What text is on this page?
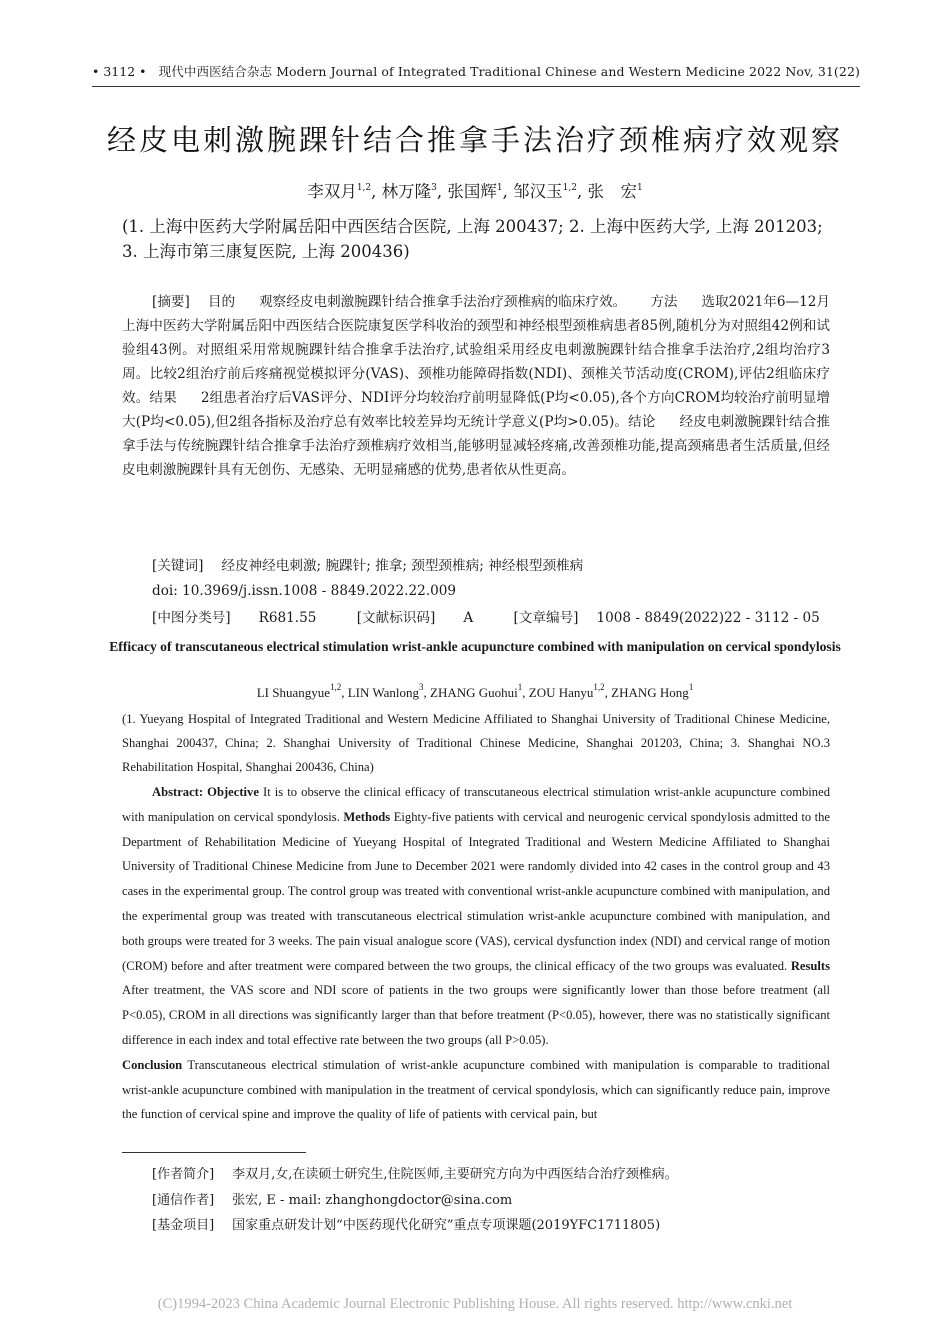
• 3112 • 现代中西医结合杂志 Modern Journal of Integrated Traditional Chinese and Western Medicine 2022 Nov, 31(22)
经皮电刺激腕踝针结合推拿手法治疗颈椎病疗效观察
李双月$^{1,2}$, 林万隆$^3$, 张国辉$^1$, 邹汉玉$^{1,2}$, 张　宏$^1$
(1. 上海中医药大学附属岳阳中西医结合医院, 上海 200437; 2. 上海中医药大学, 上海 201203; 3. 上海市第三康复医院, 上海 200436)
[ 摘要 ] 目的 观察经皮电刺激腕踝针结合推拿手法治疗颈椎病的临床疗效。 方法 选取2021年6—12月上海中医药大学附属岳阳中西医结合医院康复医学科收治的颈型和神经根型颈椎病患者85例,随机分为对照组42例和试验组43例。对照组采用常规腕踝针结合推拿手法治疗,试验组采用经皮电刺激腕踝针结合推拿手法治疗,2组均治疗3周。比较2组治疗前后疼痛视觉模拟评分(VAS)、颈椎功能障碍指数(NDI)、颈椎关节活动度(CROM),评估2组临床疗效。结果 2组患者治疗后VAS评分、NDI评分均较治疗前明显降低(P均<0.05),各个方向CROM均较治疗前明显增大(P均<0.05),但2组各指标及治疗总有效率比较差异均无统计学意义(P均>0.05)。结论 经皮电刺激腕踝针结合推拿手法与传统腕踝针结合推拿手法治疗颈椎病疗效相当,能够明显减轻疼痛,改善颈椎功能,提高颈痛患者生活质量,但经皮电刺激腕踝针具有无创伤、无感染、无明显痛感的优势,患者依从性更高。
[ 关键词 ] 经皮神经电刺激; 腕踝针; 推拿; 颈型颈椎病; 神经根型颈椎病
doi: 10.3969/j.issn.1008 - 8849.2022.22.009
[ 中图分类号 ] R681.55	[ 文献标识码 ] A	[ 文章编号 ] 1008 - 8849(2022)22 - 3112 - 05
Efficacy of transcutaneous electrical stimulation wrist-ankle acupuncture combined with manipulation on cervical spondylosis
LI Shuangyue$^{1,2}$, LIN Wanlong$^3$, ZHANG Guohui$^1$, ZOU Hanyu$^{1,2}$, ZHANG Hong$^1$
(1. Yueyang Hospital of Integrated Traditional and Western Medicine Affiliated to Shanghai University of Traditional Chinese Medicine, Shanghai 200437, China; 2. Shanghai University of Traditional Chinese Medicine, Shanghai 201203, China; 3. Shanghai NO.3 Rehabilitation Hospital, Shanghai 200436, China)
Abstract: Objective It is to observe the clinical efficacy of transcutaneous electrical stimulation wrist-ankle acupuncture combined with manipulation on cervical spondylosis. Methods Eighty-five patients with cervical and neurogenic cervical spondylosis admitted to the Department of Rehabilitation Medicine of Yueyang Hospital of Integrated Traditional and Western Medicine Affiliated to Shanghai University of Traditional Chinese Medicine from June to December 2021 were randomly divided into 42 cases in the control group and 43 cases in the experimental group. The control group was treated with conventional wrist-ankle acupuncture combined with manipulation, and the experimental group was treated with transcutaneous electrical stimulation wrist-ankle acupuncture combined with manipulation, and both groups were treated for 3 weeks. The pain visual analogue score (VAS), cervical dysfunction index (NDI) and cervical range of motion (CROM) before and after treatment were compared between the two groups, the clinical efficacy of the two groups was evaluated. Results After treatment, the VAS score and NDI score of patients in the two groups were significantly lower than those before treatment (all P<0.05), CROM in all directions was significantly larger than that before treatment (P<0.05), however, there was no statistically significant difference in each index and total effective rate between the two groups (all P>0.05).
Conclusion Transcutaneous electrical stimulation of wrist-ankle acupuncture combined with manipulation is comparable to traditional wrist-ankle acupuncture combined with manipulation in the treatment of cervical spondylosis, which can significantly reduce pain, improve the function of cervical spine and improve the quality of life of patients with cervical pain, but
[ 作者简介 ] 李双月,女,在读硕士研究生,住院医师,主要研究方向为中西医结合治疗颈椎病。
[ 通信作者 ] 张宏, E - mail: zhanghongdoctor@sina.com
[ 基金项目 ] 国家重点研发计划“中医药现代化研究”重点专项课题(2019YFC1711805)
(C)1994-2023 China Academic Journal Electronic Publishing House. All rights reserved. http://www.cnki.net
